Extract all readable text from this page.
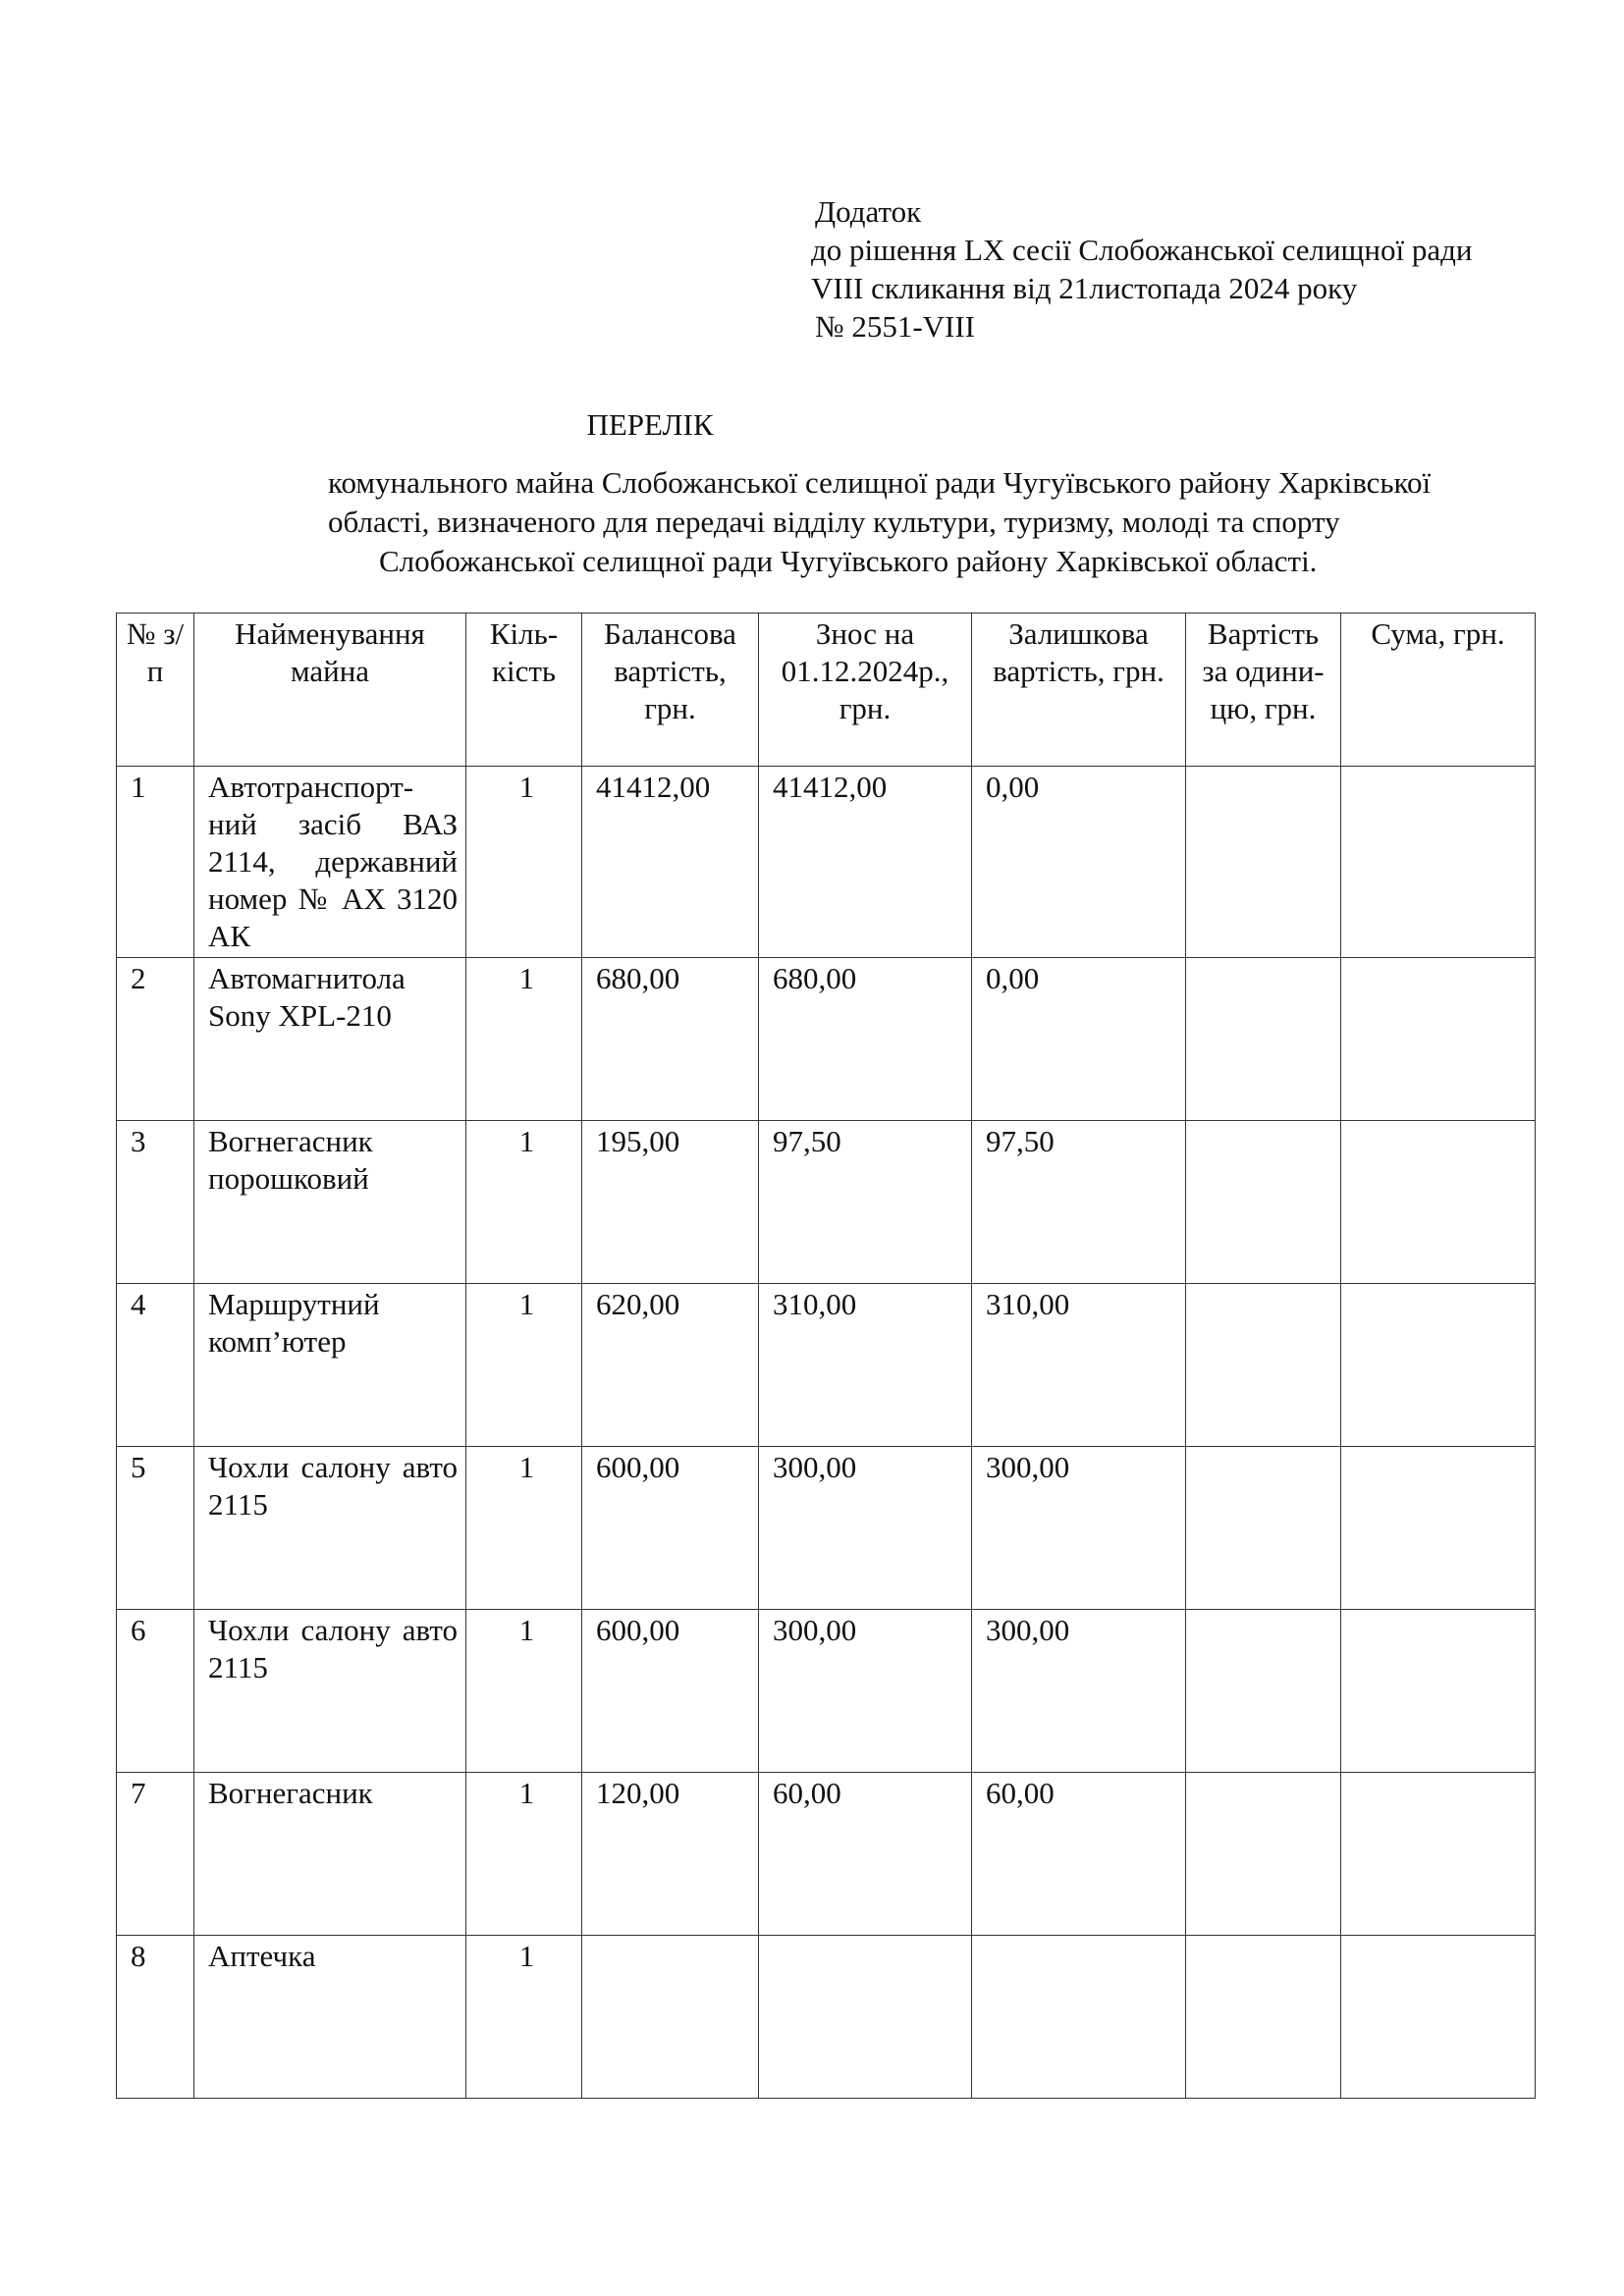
Додаток
до рішення LX сесії Слобожанської селищної ради
VIII скликання від 21листопада 2024 року
№ 2551-VIII
ПЕРЕЛІК
комунального майна Слобожанської селищної ради Чугуївського району Харківської
області, визначеного для передачі відділу культури, туризму, молоді та спорту
Слобожанської селищної ради Чугуївського району Харківської області.
№ з/п	Найменування майна	Кіль-кість	Балансова вартість, грн.	Знос на 01.12.2024р., грн.	Залишкова вартість, грн.	Вартість за одини-цю, грн.	Сума, грн.
1	Автотранспорт-ний засіб ВАЗ 2114, державний номер № АХ 3120 АК	1	41412,00	41412,00	0,00		
2	Автомагнитола Sony XPL-210	1	680,00	680,00	0,00		
3	Вогнегасник порошковий	1	195,00	97,50	97,50		
4	Маршрутний комп’ютер	1	620,00	310,00	310,00		
5	Чохли салону авто 2115	1	600,00	300,00	300,00		
6	Чохли салону авто 2115	1	600,00	300,00	300,00		
7	Вогнегасник	1	120,00	60,00	60,00		
8	Аптечка	1					
